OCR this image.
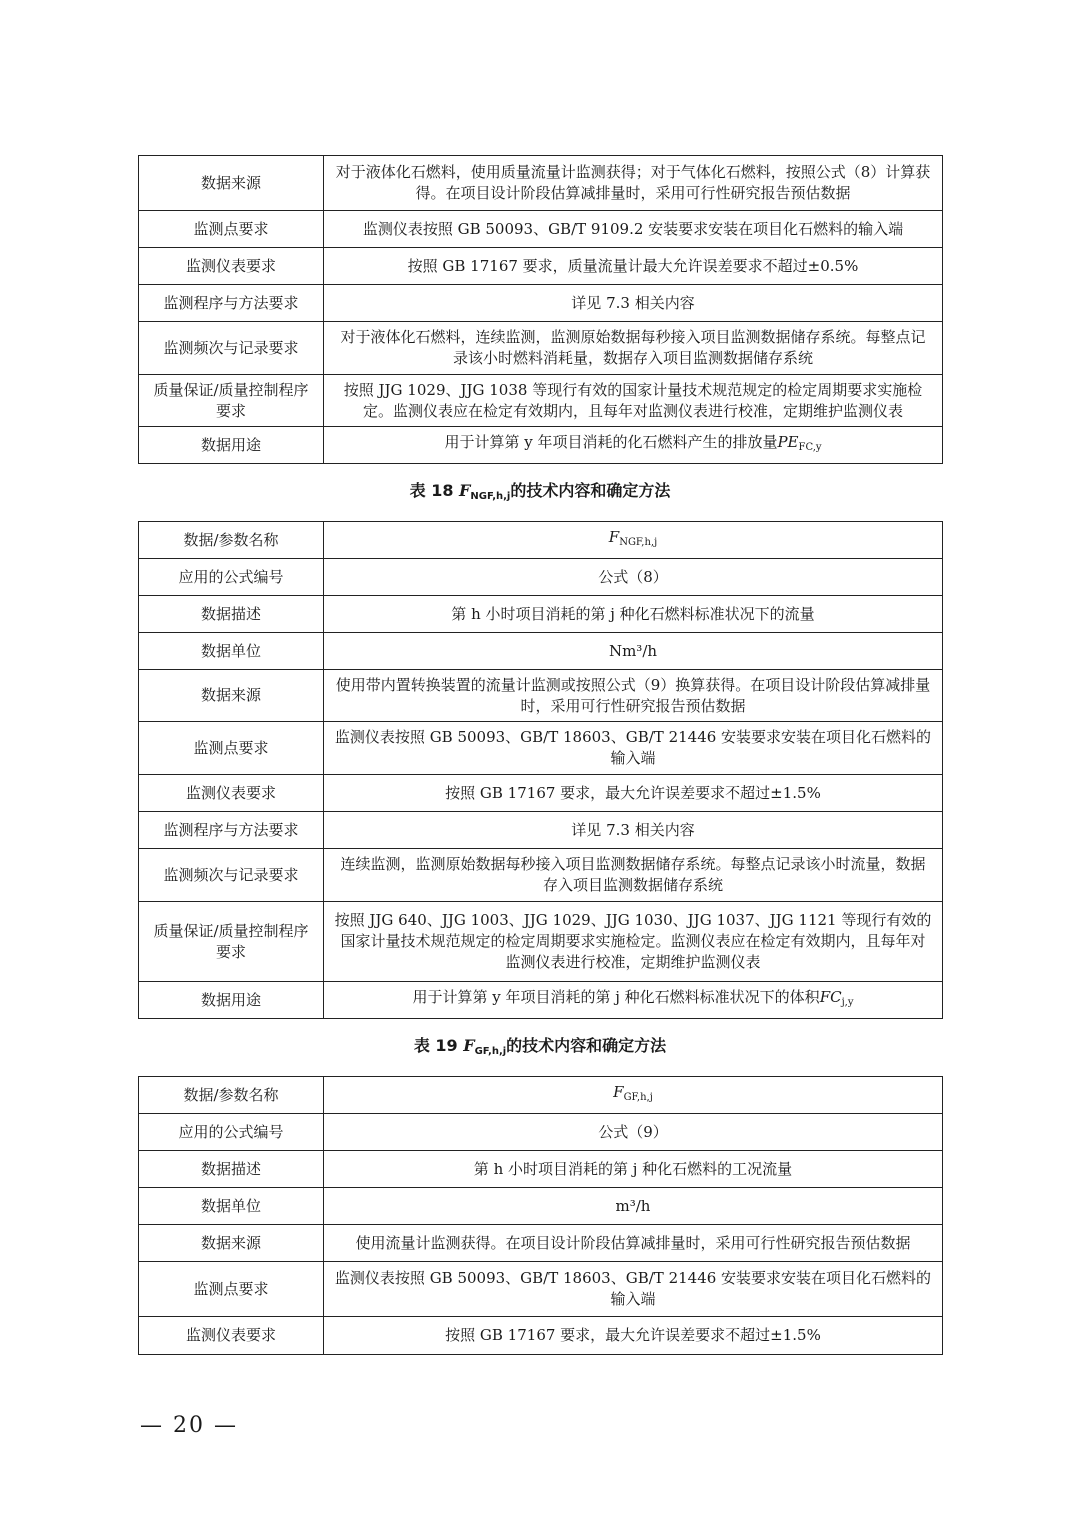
数据来源	对于液体化石燃料，使用质量流量计监测获得；对于气体化石燃料，按照公式（8）计算获得。在项目设计阶段估算减排量时，采用可行性研究报告预估数据
监测点要求	监测仪表按照 GB 50093、GB/T 9109.2 安装要求安装在项目化石燃料的输入端
监测仪表要求	按照 GB 17167 要求，质量流量计最大允许误差要求不超过±0.5%
监测程序与方法要求	详见 7.3 相关内容
监测频次与记录要求	对于液体化石燃料，连续监测，监测原始数据每秒接入项目监测数据储存系统。每整点记录该小时燃料消耗量，数据存入项目监测数据储存系统
质量保证/质量控制程序要求	按照 JJG 1029、JJG 1038 等现行有效的国家计量技术规范规定的检定周期要求实施检定。监测仪表应在检定有效期内，且每年对监测仪表进行校准，定期维护监测仪表
数据用途	用于计算第 y 年项目消耗的化石燃料产生的排放量$PE_{FC,y}$
表 18 $F_{NGF,h,j}$的技术内容和确定方法
数据/参数名称	$F_{NGF,h,j}$
应用的公式编号	公式（8）
数据描述	第 h 小时项目消耗的第 j 种化石燃料标准状况下的流量
数据单位	Nm³/h
数据来源	使用带内置转换装置的流量计监测或按照公式（9）换算获得。在项目设计阶段估算减排量时，采用可行性研究报告预估数据
监测点要求	监测仪表按照 GB 50093、GB/T 18603、GB/T 21446 安装要求安装在项目化石燃料的输入端
监测仪表要求	按照 GB 17167 要求，最大允许误差要求不超过±1.5%
监测程序与方法要求	详见 7.3 相关内容
监测频次与记录要求	连续监测，监测原始数据每秒接入项目监测数据储存系统。每整点记录该小时流量，数据存入项目监测数据储存系统
质量保证/质量控制程序要求	按照 JJG 640、JJG 1003、JJG 1029、JJG 1030、JJG 1037、JJG 1121 等现行有效的国家计量技术规范规定的检定周期要求实施检定。监测仪表应在检定有效期内，且每年对监测仪表进行校准，定期维护监测仪表
数据用途	用于计算第 y 年项目消耗的第 j 种化石燃料标准状况下的体积$FC_{j,y}$
表 19 $F_{GF,h,j}$的技术内容和确定方法
数据/参数名称	$F_{GF,h,j}$
应用的公式编号	公式（9）
数据描述	第 h 小时项目消耗的第 j 种化石燃料的工况流量
数据单位	m³/h
数据来源	使用流量计监测获得。在项目设计阶段估算减排量时，采用可行性研究报告预估数据
监测点要求	监测仪表按照 GB 50093、GB/T 18603、GB/T 21446 安装要求安装在项目化石燃料的输入端
监测仪表要求	按照 GB 17167 要求，最大允许误差要求不超过±1.5%
— 20 —
